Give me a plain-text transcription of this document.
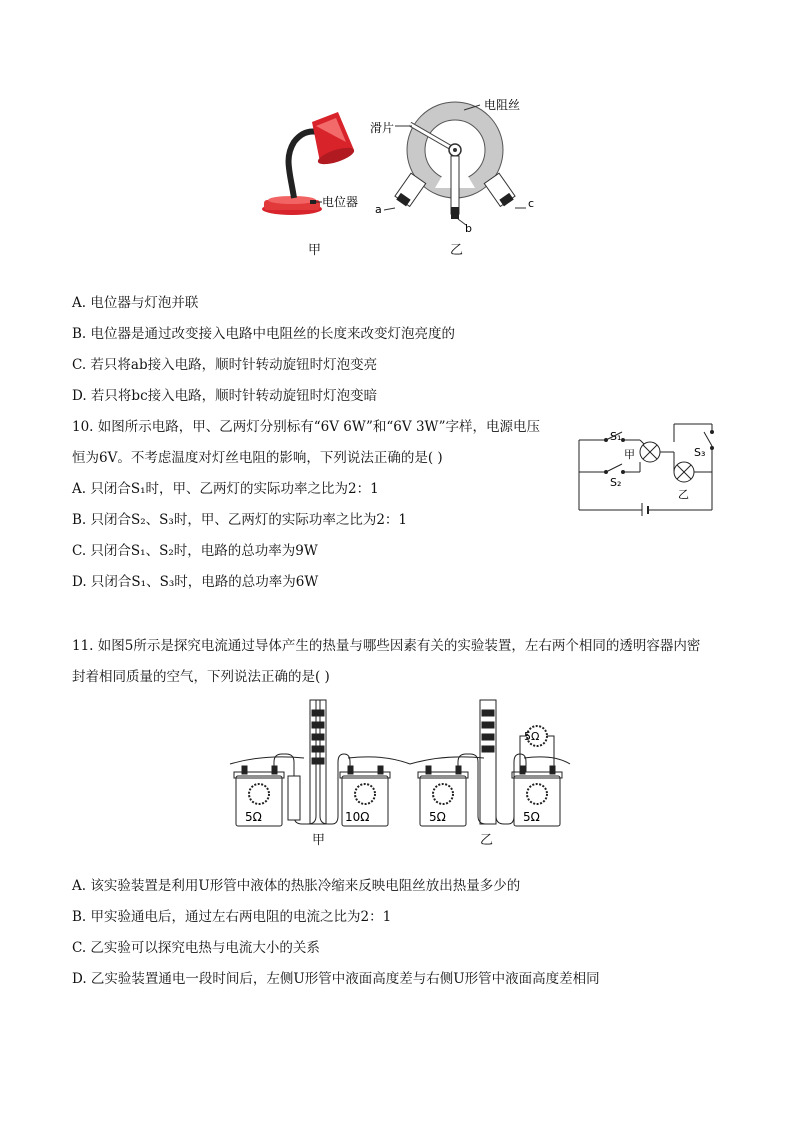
电位器
电阻丝
滑片
a
b
c
甲	乙
A. 电位器与灯泡并联
B. 电位器是通过改变接入电路中电阻丝的长度来改变灯泡亮度的
C. 若只将ab接入电路，顺时针转动旋钮时灯泡变亮
D. 若只将bc接入电路，顺时针转动旋钮时灯泡变暗
10. 如图所示电路，甲、乙两灯分别标有“6V 6W”和“6V 3W”字样，电源电压
恒为6V。不考虑温度对灯丝电阻的影响，下列说法正确的是( )
A. 只闭合S₁时，甲、乙两灯的实际功率之比为2：1
B. 只闭合S₂、S₃时，甲、乙两灯的实际功率之比为2：1
C. 只闭合S₁、S₂时，电路的总功率为9W
D. 只闭合S₁、S₃时，电路的总功率为6W
S₁
S₂
S₃
甲
乙
11. 如图5所示是探究电流通过导体产生的热量与哪些因素有关的实验装置，左右两个相同的透明容器内密
封着相同质量的空气，下列说法正确的是( )
5Ω	10Ω	5Ω	5Ω
5Ω
甲	乙
A. 该实验装置是利用U形管中液体的热胀冷缩来反映电阻丝放出热量多少的
B. 甲实验通电后，通过左右两电阻的电流之比为2：1
C. 乙实验可以探究电热与电流大小的关系
D. 乙实验装置通电一段时间后，左侧U形管中液面高度差与右侧U形管中液面高度差相同
